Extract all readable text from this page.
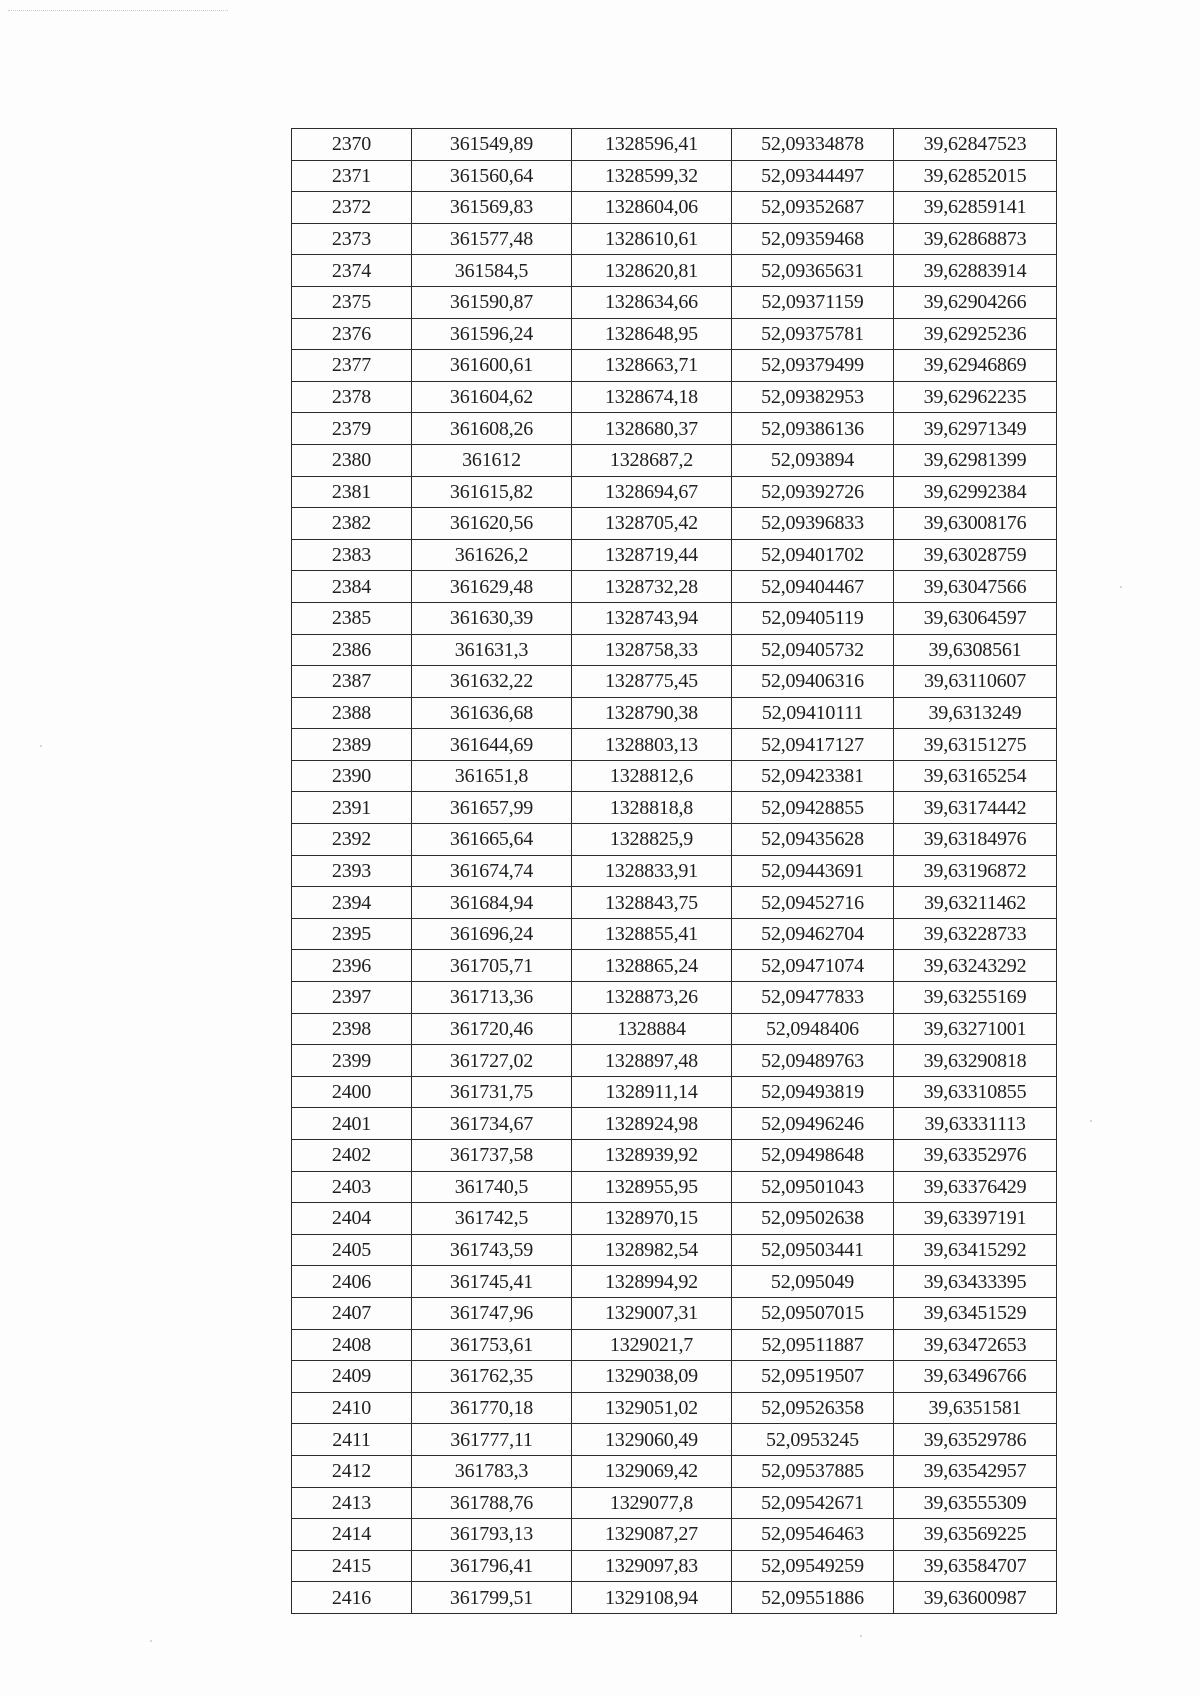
2370	361549,89	1328596,41	52,09334878	39,62847523
2371	361560,64	1328599,32	52,09344497	39,62852015
2372	361569,83	1328604,06	52,09352687	39,62859141
2373	361577,48	1328610,61	52,09359468	39,62868873
2374	361584,5	1328620,81	52,09365631	39,62883914
2375	361590,87	1328634,66	52,09371159	39,62904266
2376	361596,24	1328648,95	52,09375781	39,62925236
2377	361600,61	1328663,71	52,09379499	39,62946869
2378	361604,62	1328674,18	52,09382953	39,62962235
2379	361608,26	1328680,37	52,09386136	39,62971349
2380	361612	1328687,2	52,093894	39,62981399
2381	361615,82	1328694,67	52,09392726	39,62992384
2382	361620,56	1328705,42	52,09396833	39,63008176
2383	361626,2	1328719,44	52,09401702	39,63028759
2384	361629,48	1328732,28	52,09404467	39,63047566
2385	361630,39	1328743,94	52,09405119	39,63064597
2386	361631,3	1328758,33	52,09405732	39,6308561
2387	361632,22	1328775,45	52,09406316	39,63110607
2388	361636,68	1328790,38	52,09410111	39,6313249
2389	361644,69	1328803,13	52,09417127	39,63151275
2390	361651,8	1328812,6	52,09423381	39,63165254
2391	361657,99	1328818,8	52,09428855	39,63174442
2392	361665,64	1328825,9	52,09435628	39,63184976
2393	361674,74	1328833,91	52,09443691	39,63196872
2394	361684,94	1328843,75	52,09452716	39,63211462
2395	361696,24	1328855,41	52,09462704	39,63228733
2396	361705,71	1328865,24	52,09471074	39,63243292
2397	361713,36	1328873,26	52,09477833	39,63255169
2398	361720,46	1328884	52,0948406	39,63271001
2399	361727,02	1328897,48	52,09489763	39,63290818
2400	361731,75	1328911,14	52,09493819	39,63310855
2401	361734,67	1328924,98	52,09496246	39,63331113
2402	361737,58	1328939,92	52,09498648	39,63352976
2403	361740,5	1328955,95	52,09501043	39,63376429
2404	361742,5	1328970,15	52,09502638	39,63397191
2405	361743,59	1328982,54	52,09503441	39,63415292
2406	361745,41	1328994,92	52,095049	39,63433395
2407	361747,96	1329007,31	52,09507015	39,63451529
2408	361753,61	1329021,7	52,09511887	39,63472653
2409	361762,35	1329038,09	52,09519507	39,63496766
2410	361770,18	1329051,02	52,09526358	39,6351581
2411	361777,11	1329060,49	52,0953245	39,63529786
2412	361783,3	1329069,42	52,09537885	39,63542957
2413	361788,76	1329077,8	52,09542671	39,63555309
2414	361793,13	1329087,27	52,09546463	39,63569225
2415	361796,41	1329097,83	52,09549259	39,63584707
2416	361799,51	1329108,94	52,09551886	39,63600987
